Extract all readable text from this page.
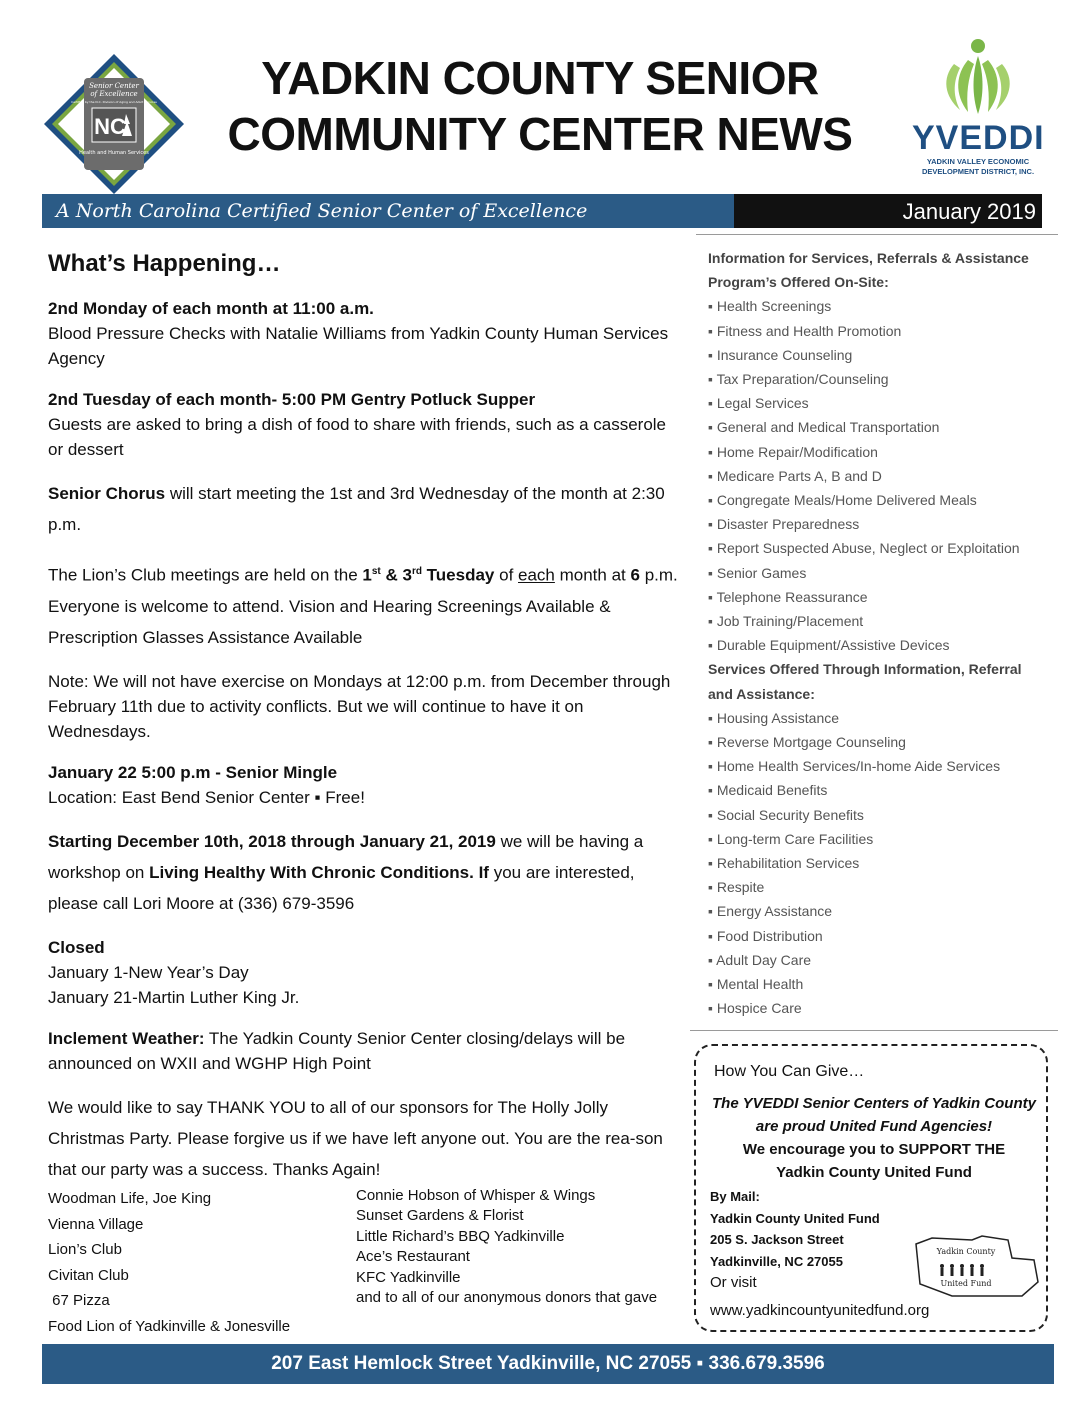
Senior Center
of Excellence
Certified by the N.C. Division of Aging and Adult Services
NC
Health and Human Services
YADKIN COUNTY SENIOR
COMMUNITY CENTER NEWS	YVEDDI
YADKIN VALLEY ECONOMIC
DEVELOPMENT DISTRICT, INC.
A North Carolina Certified Senior Center of Excellence	January 2019
What’s Happening…

2nd Monday of each month at 11:00 a.m.
Blood Pressure Checks with Natalie Williams from Yadkin County Human Services Agency

2nd Tuesday of each month- 5:00 PM Gentry Potluck Supper
Guests are asked to bring a dish of food to share with friends, such as a casserole or dessert

Senior Chorus will start meeting the 1st and 3rd Wednesday of the month at 2:30 p.m.

The Lion’s Club meetings are held on the 1st & 3rd Tuesday of each month at 6 p.m. Everyone is welcome to attend. Vision and Hearing Screenings Available & Prescription Glasses Assistance Available

Note: We will not have exercise on Mondays at 12:00 p.m. from December through February 11th due to activity conflicts. But we will continue to have it on Wednesdays.

January 22 5:00 p.m - Senior Mingle
Location: East Bend Senior Center ▪ Free!

Starting December 10th, 2018 through January 21, 2019 we will be having a workshop on Living Healthy With Chronic Conditions. If you are interested, please call Lori Moore at (336) 679-3596

Closed
January 1-New Year’s Day
January 21-Martin Luther King Jr.

Inclement Weather: The Yadkin County Senior Center closing/delays will be announced on WXII and WGHP High Point

We would like to say THANK YOU to all of our sponsors for The Holly Jolly Christmas Party. Please forgive us if we have left anyone out. You are the rea-son that our party was a success. Thanks Again!

Woodman Life, Joe King
Vienna Village
Lion’s Club
Civitan Club
67 Pizza
Food Lion of Yadkinville & Jonesville
Connie Hobson of Whisper & Wings
Sunset Gardens & Florist
Little Richard’s BBQ Yadkinville
Ace’s Restaurant
KFC Yadkinville
and to all of our anonymous donors that gave
Information for Services, Referrals & Assistance
Program’s Offered On-Site:
▪ Health Screenings
▪ Fitness and Health Promotion
▪ Insurance Counseling
▪ Tax Preparation/Counseling
▪ Legal Services
▪ General and Medical Transportation
▪ Home Repair/Modification
▪ Medicare Parts A, B and D
▪ Congregate Meals/Home Delivered Meals
▪ Disaster Preparedness
▪ Report Suspected Abuse, Neglect or Exploitation
▪ Senior Games
▪ Telephone Reassurance
▪ Job Training/Placement
▪ Durable Equipment/Assistive Devices
Services Offered Through Information, Referral and Assistance:
▪ Housing Assistance
▪ Reverse Mortgage Counseling
▪ Home Health Services/In-home Aide Services
▪ Medicaid Benefits
▪ Social Security Benefits
▪ Long-term Care Facilities
▪ Rehabilitation Services
▪ Respite
▪ Energy Assistance
▪ Food Distribution
▪ Adult Day Care
▪ Mental Health
▪ Hospice Care
How You Can Give…
The YVEDDI Senior Centers of Yadkin County
are proud United Fund Agencies!
We encourage you to SUPPORT THE
Yadkin County United Fund
By Mail:
Yadkin County United Fund
205 S. Jackson Street
Yadkinville, NC 27055
Or visit
www.yadkincountyunitedfund.org
Yadkin County
United Fund
207 East Hemlock Street Yadkinville, NC 27055 ▪ 336.679.3596
